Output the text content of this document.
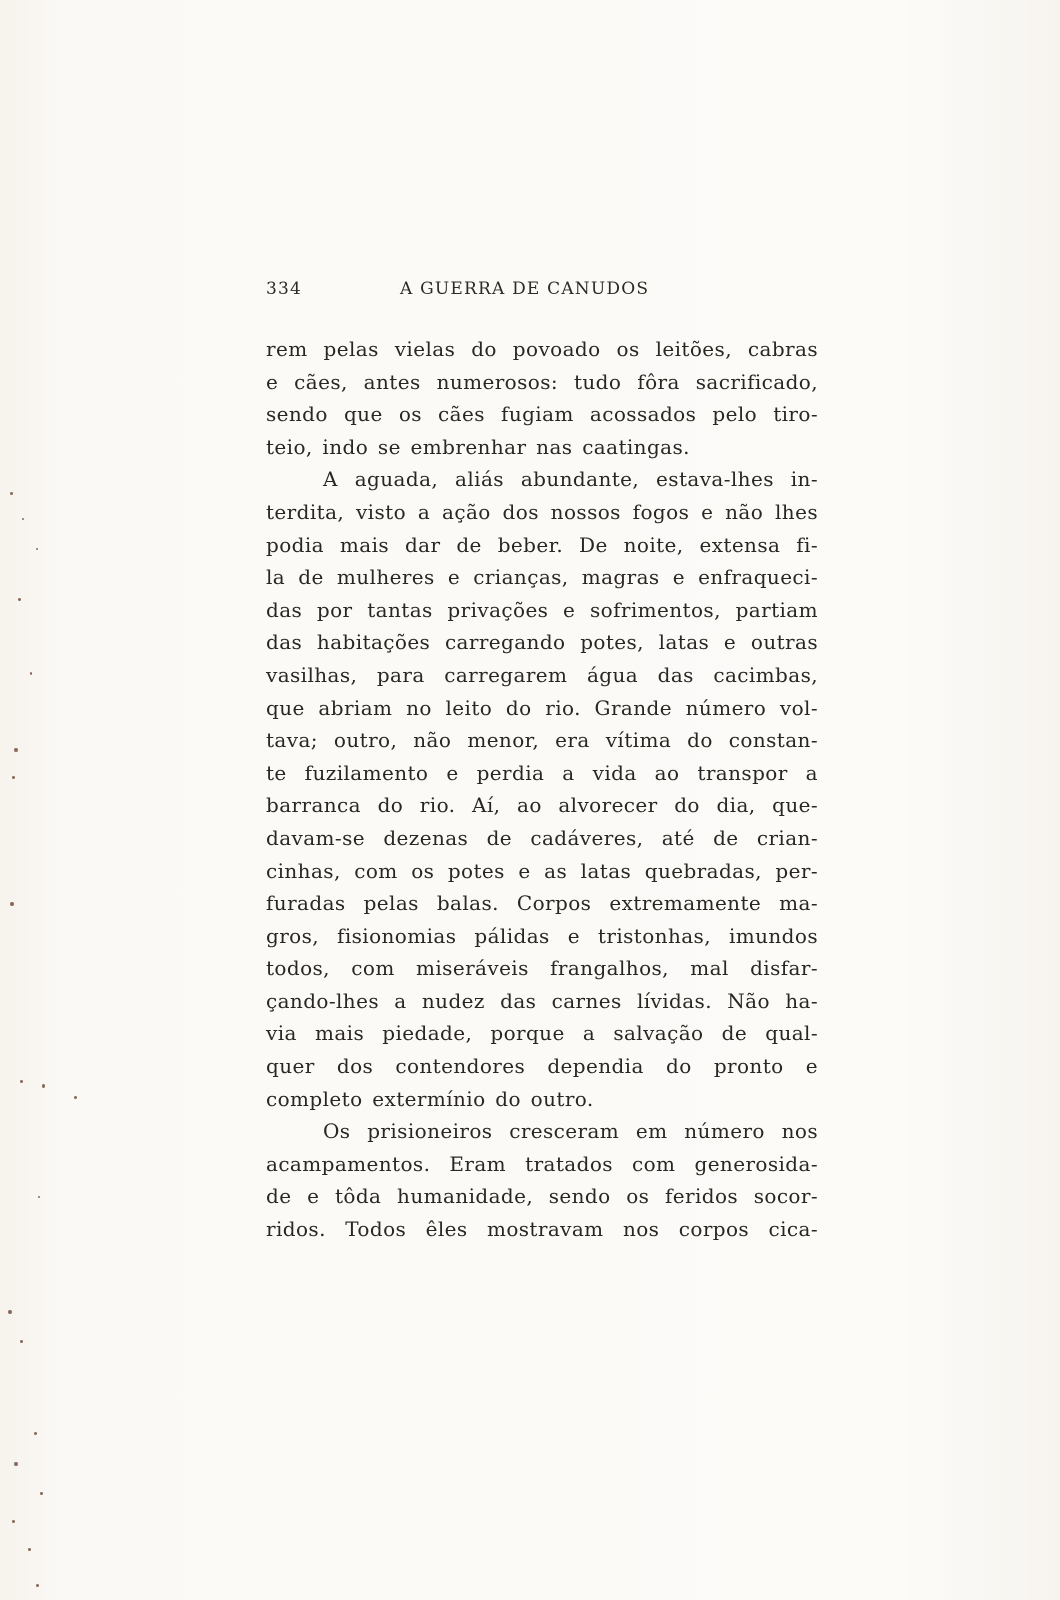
334	A GUERRA DE CANUDOS
rem pelas vielas do povoado os leitões, cabras
e cães, antes numerosos: tudo fôra sacrificado,
sendo que os cães fugiam acossados pelo tiro-
teio, indo se embrenhar nas caatingas.
A aguada, aliás abundante, estava-lhes in-
terdita, visto a ação dos nossos fogos e não lhes
podia mais dar de beber. De noite, extensa fi-
la de mulheres e crianças, magras e enfraqueci-
das por tantas privações e sofrimentos, partiam
das habitações carregando potes, latas e outras
vasilhas, para carregarem água das cacimbas,
que abriam no leito do rio. Grande número vol-
tava; outro, não menor, era vítima do constan-
te fuzilamento e perdia a vida ao transpor a
barranca do rio. Aí, ao alvorecer do dia, que-
davam-se dezenas de cadáveres, até de crian-
cinhas, com os potes e as latas quebradas, per-
furadas pelas balas. Corpos extremamente ma-
gros, fisionomias pálidas e tristonhas, imundos
todos, com miseráveis frangalhos, mal disfar-
çando-lhes a nudez das carnes lívidas. Não ha-
via mais piedade, porque a salvação de qual-
quer dos contendores dependia do pronto e
completo extermínio do outro.
Os prisioneiros cresceram em número nos
acampamentos. Eram tratados com generosida-
de e tôda humanidade, sendo os feridos socor-
ridos. Todos êles mostravam nos corpos cica-
